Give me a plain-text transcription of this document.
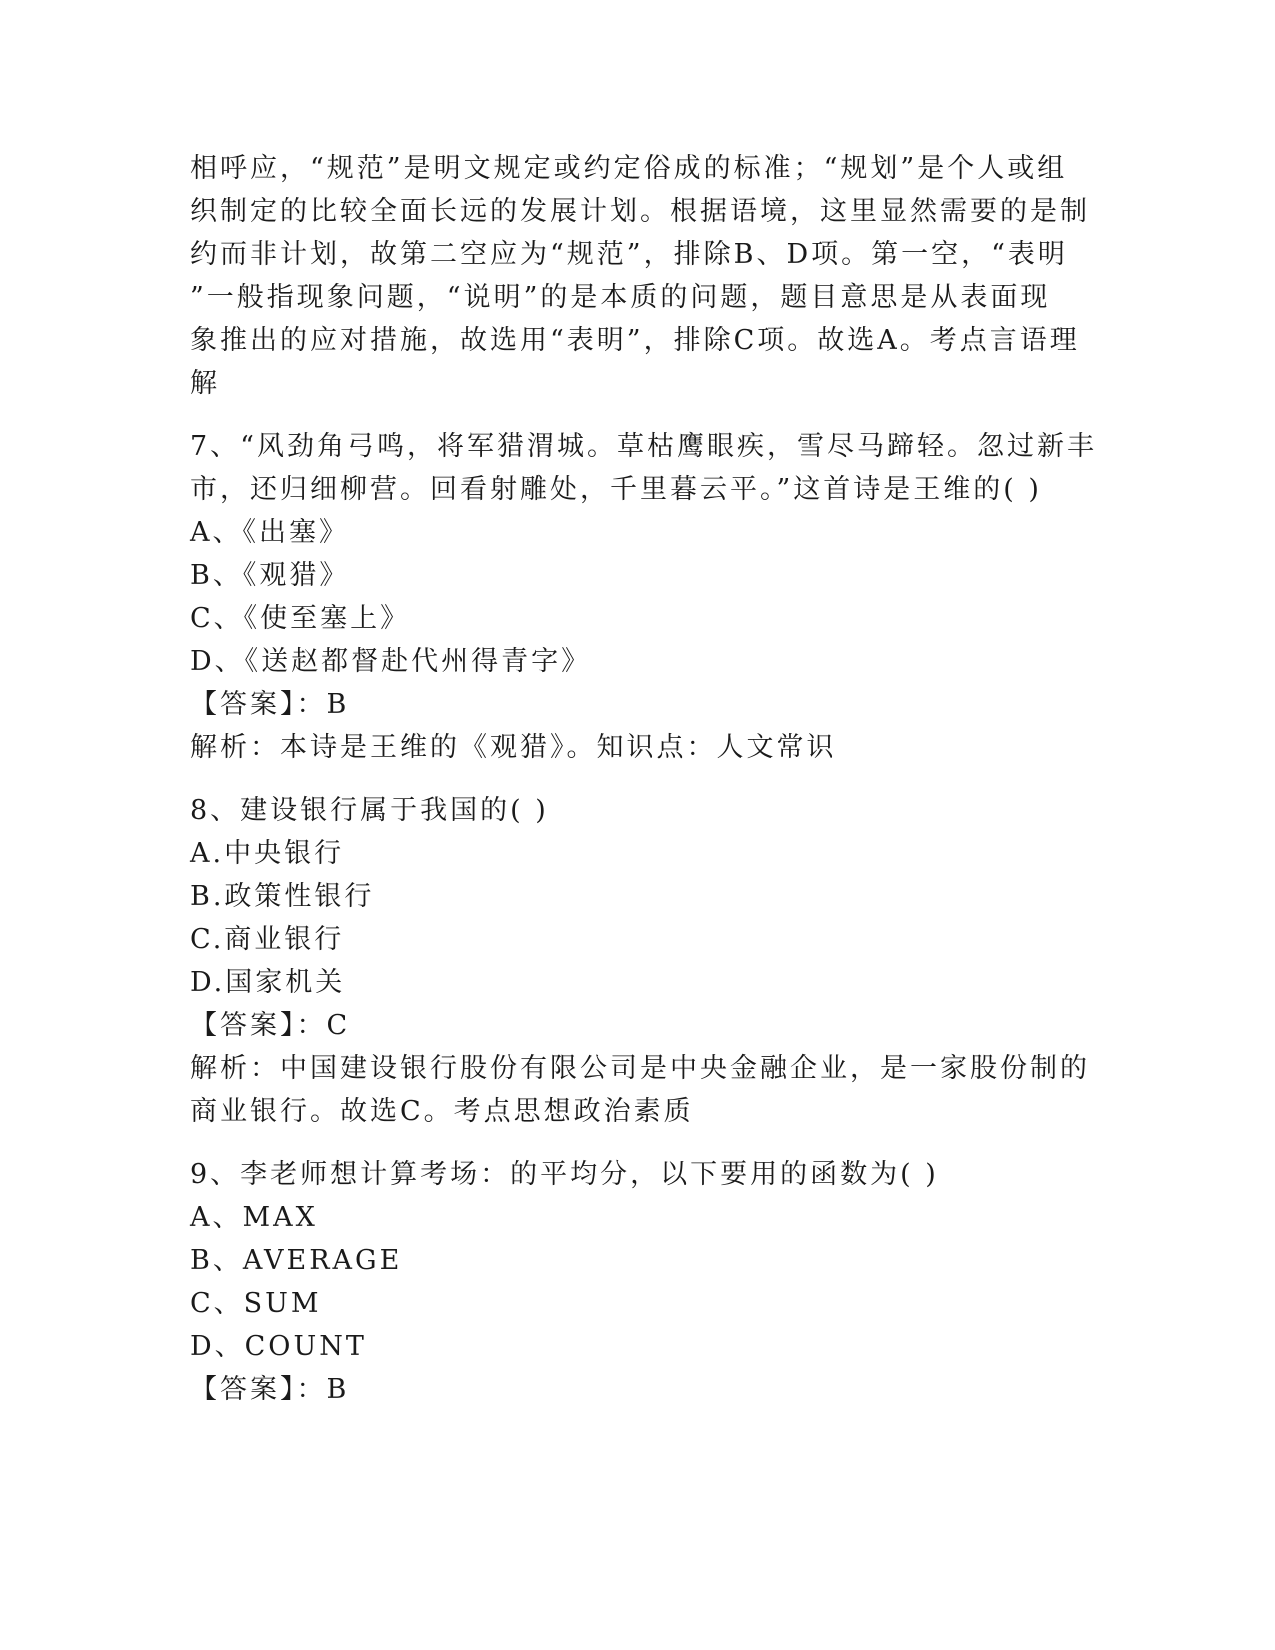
相呼应，“规范”是明文规定或约定俗成的标准；“规划”是个人或组
织制定的比较全面长远的发展计划。根据语境，这里显然需要的是制
约而非计划，故第二空应为“规范”，排除B、D项。第一空，“表明
”一般指现象问题，“说明”的是本质的问题，题目意思是从表面现
象推出的应对措施，故选用“表明”，排除C项。故选A。考点言语理
解
7、“风劲角弓鸣，将军猎渭城。草枯鹰眼疾，雪尽马蹄轻。忽过新丰
市，还归细柳营。回看射雕处，千里暮云平。”这首诗是王维的( )
A、《出塞》
B、《观猎》
C、《使至塞上》
D、《送赵都督赴代州得青字》
【答案】：B
解析：本诗是王维的《观猎》。知识点：人文常识
8、建设银行属于我国的( )
A.中央银行
B.政策性银行
C.商业银行
D.国家机关
【答案】：C
解析：中国建设银行股份有限公司是中央金融企业，是一家股份制的
商业银行。故选C。考点思想政治素质
9、李老师想计算考场：的平均分，以下要用的函数为( )
A、MAX
B、AVERAGE
C、SUM
D、COUNT
【答案】：B
